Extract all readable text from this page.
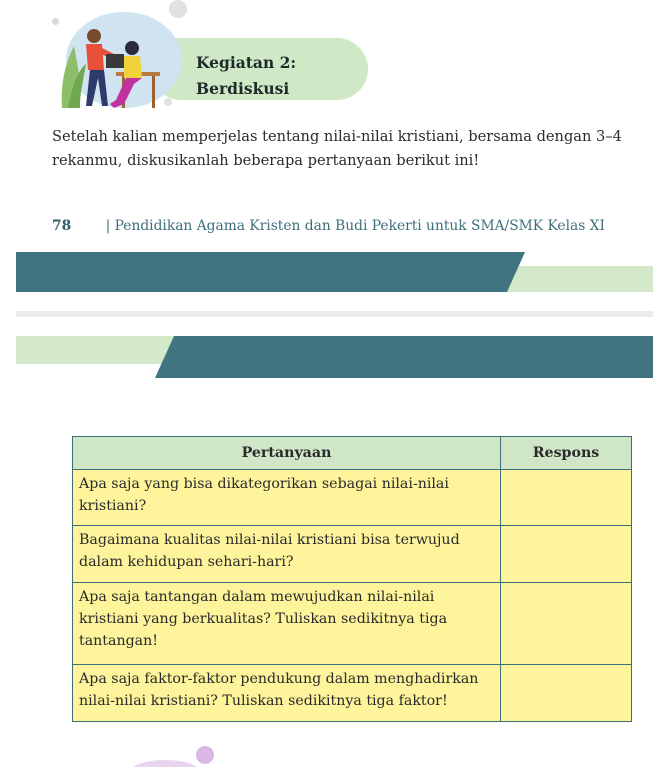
Kegiatan 2:
Berdiskusi

Setelah kalian memperjelas tentang nilai-nilai kristiani, bersama dengan 3–4 rekanmu, diskusikanlah beberapa pertanyaan berikut ini!

78 | Pendidikan Agama Kristen dan Budi Pekerti untuk SMA/SMK Kelas XI
Pertanyaan	Respons
Apa saja yang bisa dikategorikan sebagai nilai-nilai kristiani?	
Bagaimana kualitas nilai-nilai kristiani bisa terwujud dalam kehidupan sehari-hari?	
Apa saja tantangan dalam mewujudkan nilai-nilai kristiani yang berkualitas? Tuliskan sedikitnya tiga tantangan!	
Apa saja faktor-faktor pendukung dalam menghadirkan nilai-nilai kristiani? Tuliskan sedikitnya tiga faktor!	
